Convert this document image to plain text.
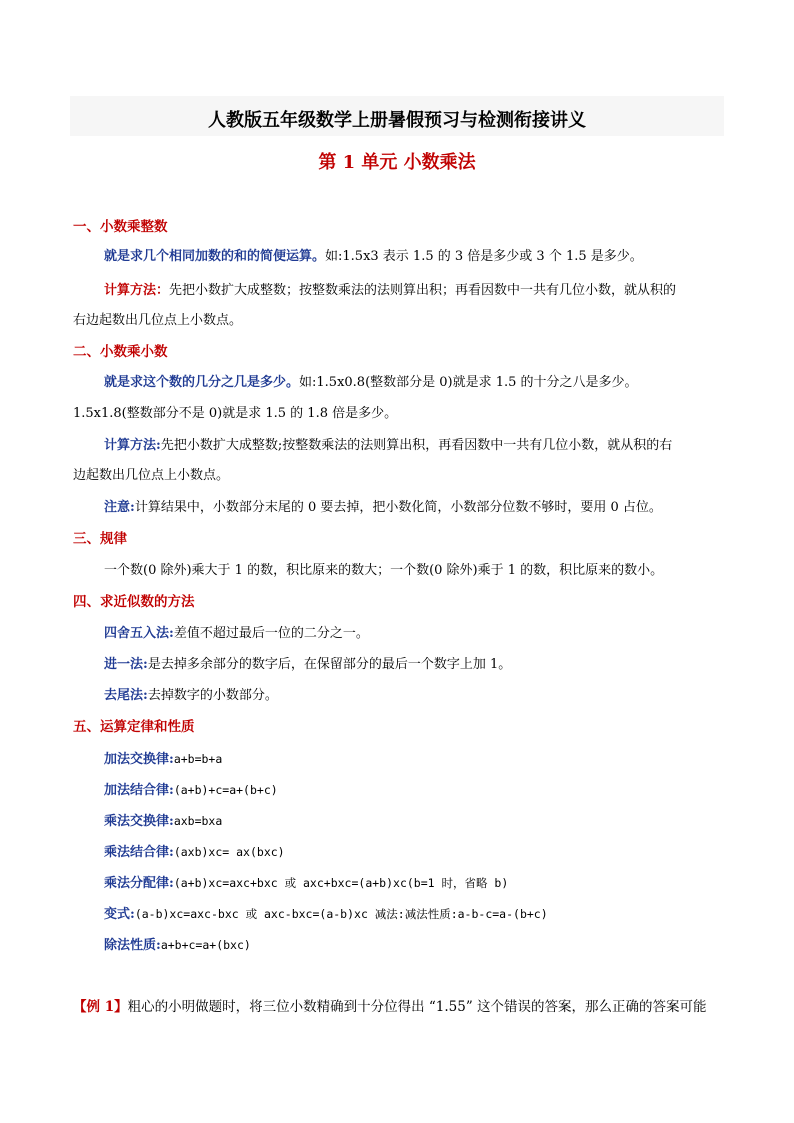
人教版五年级数学上册暑假预习与检测衔接讲义
第 1 单元 小数乘法
一、小数乘整数
就是求几个相同加数的和的简便运算。如:1.5x3 表示 1.5 的 3 倍是多少或 3 个 1.5 是多少。
计算方法：先把小数扩大成整数；按整数乘法的法则算出积；再看因数中一共有几位小数，就从积的
右边起数出几位点上小数点。
二、小数乘小数
就是求这个数的几分之几是多少。如:1.5x0.8(整数部分是 0)就是求 1.5 的十分之八是多少。
1.5x1.8(整数部分不是 0)就是求 1.5 的 1.8 倍是多少。
计算方法:先把小数扩大成整数;按整数乘法的法则算出积，再看因数中一共有几位小数，就从积的右
边起数出几位点上小数点。
注意:计算结果中，小数部分末尾的 0 要去掉，把小数化简，小数部分位数不够时，要用 0 占位。
三、规律
一个数(0 除外)乘大于 1 的数，积比原来的数大；一个数(0 除外)乘于 1 的数，积比原来的数小。
四、求近似数的方法
四舍五入法:差值不超过最后一位的二分之一。
进一法:是去掉多余部分的数字后，在保留部分的最后一个数字上加 1。
去尾法:去掉数字的小数部分。
五、运算定律和性质
加法交换律:a+b=b+a
加法结合律:(a+b)+c=a+(b+c)
乘法交换律:axb=bxa
乘法结合律:(axb)xc= ax(bxc)
乘法分配律:(a+b)xc=axc+bxc 或 axc+bxc=(a+b)xc(b=1 时，省略 b)
变式:(a-b)xc=axc-bxc 或 axc-bxc=(a-b)xc 减法:减法性质:a-b-c=a-(b+c)
除法性质:a+b+c=a+(bxc)
【例 1】粗心的小明做题时，将三位小数精确到十分位得出 “1.55” 这个错误的答案，那么正确的答案可能
